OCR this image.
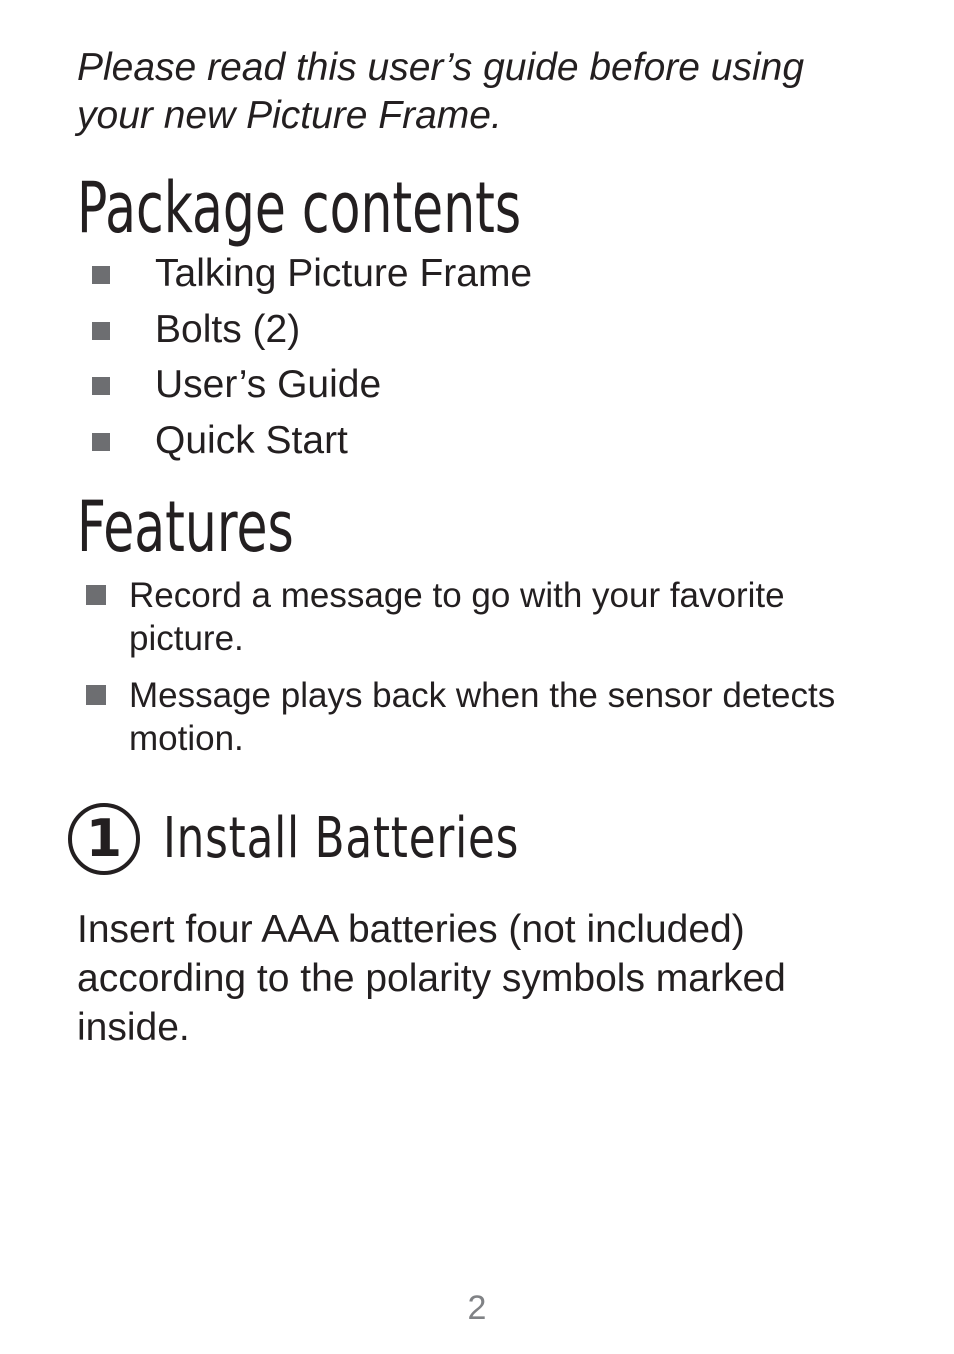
Please read this user’s guide before using your new Picture Frame.

Package contents
Talking Picture Frame
Bolts (2)
User’s Guide
Quick Start
Features
Record a message to go with your favorite picture.
Message plays back when the sensor detects motion.
1 Install Batteries

Insert four AAA batteries (not included) according to the polarity symbols marked inside.

2
